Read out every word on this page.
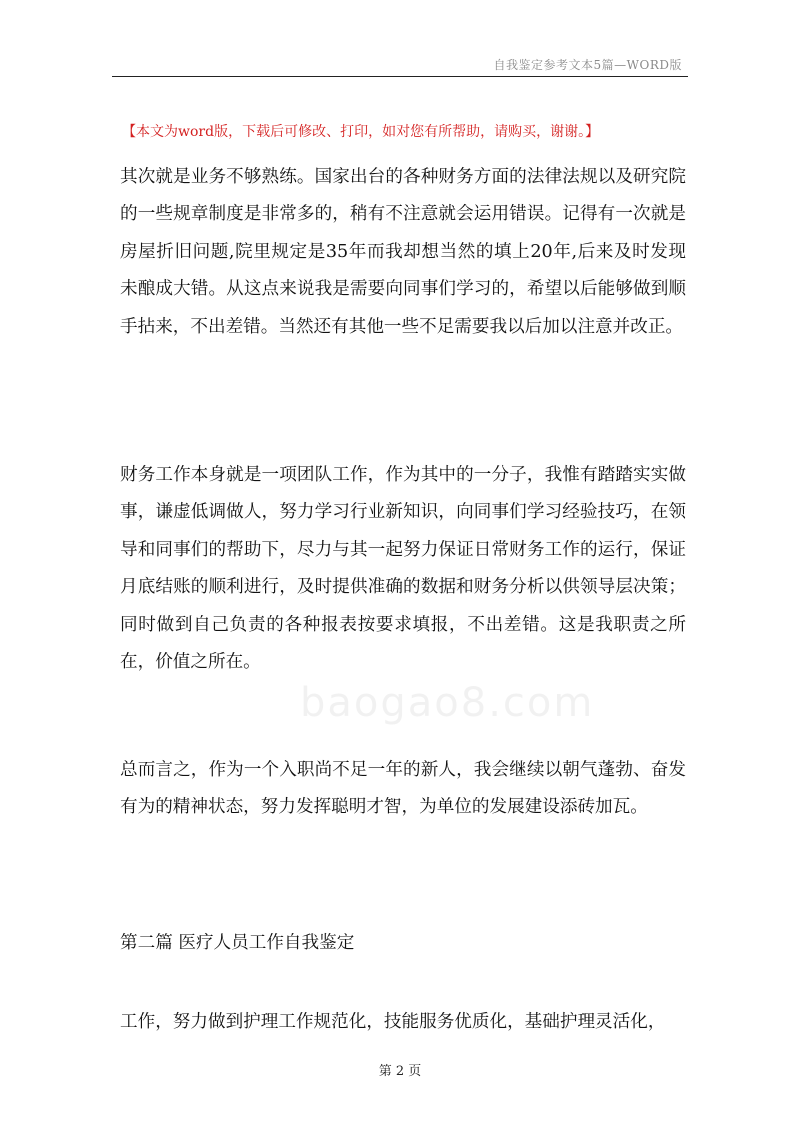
自我鉴定参考文本5篇—WORD版
【本文为word版，下载后可修改、打印，如对您有所帮助，请购买，谢谢。】

其次就是业务不够熟练。国家出台的各种财务方面的法律法规以及研究院的一些规章制度是非常多的，稍有不注意就会运用错误。记得有一次就是房屋折旧问题,院里规定是35年而我却想当然的填上20年,后来及时发现未酿成大错。从这点来说我是需要向同事们学习的，希望以后能够做到顺手拈来，不出差错。当然还有其他一些不足需要我以后加以注意并改正。

财务工作本身就是一项团队工作，作为其中的一分子，我惟有踏踏实实做事，谦虚低调做人，努力学习行业新知识，向同事们学习经验技巧，在领导和同事们的帮助下，尽力与其一起努力保证日常财务工作的运行，保证月底结账的顺利进行，及时提供准确的数据和财务分析以供领导层决策；同时做到自己负责的各种报表按要求填报，不出差错。这是我职责之所在，价值之所在。

总而言之，作为一个入职尚不足一年的新人，我会继续以朝气蓬勃、奋发有为的精神状态，努力发挥聪明才智，为单位的发展建设添砖加瓦。

第二篇 医疗人员工作自我鉴定

工作，努力做到护理工作规范化，技能服务优质化，基础护理灵活化，

baogao8.com
第 2 页
